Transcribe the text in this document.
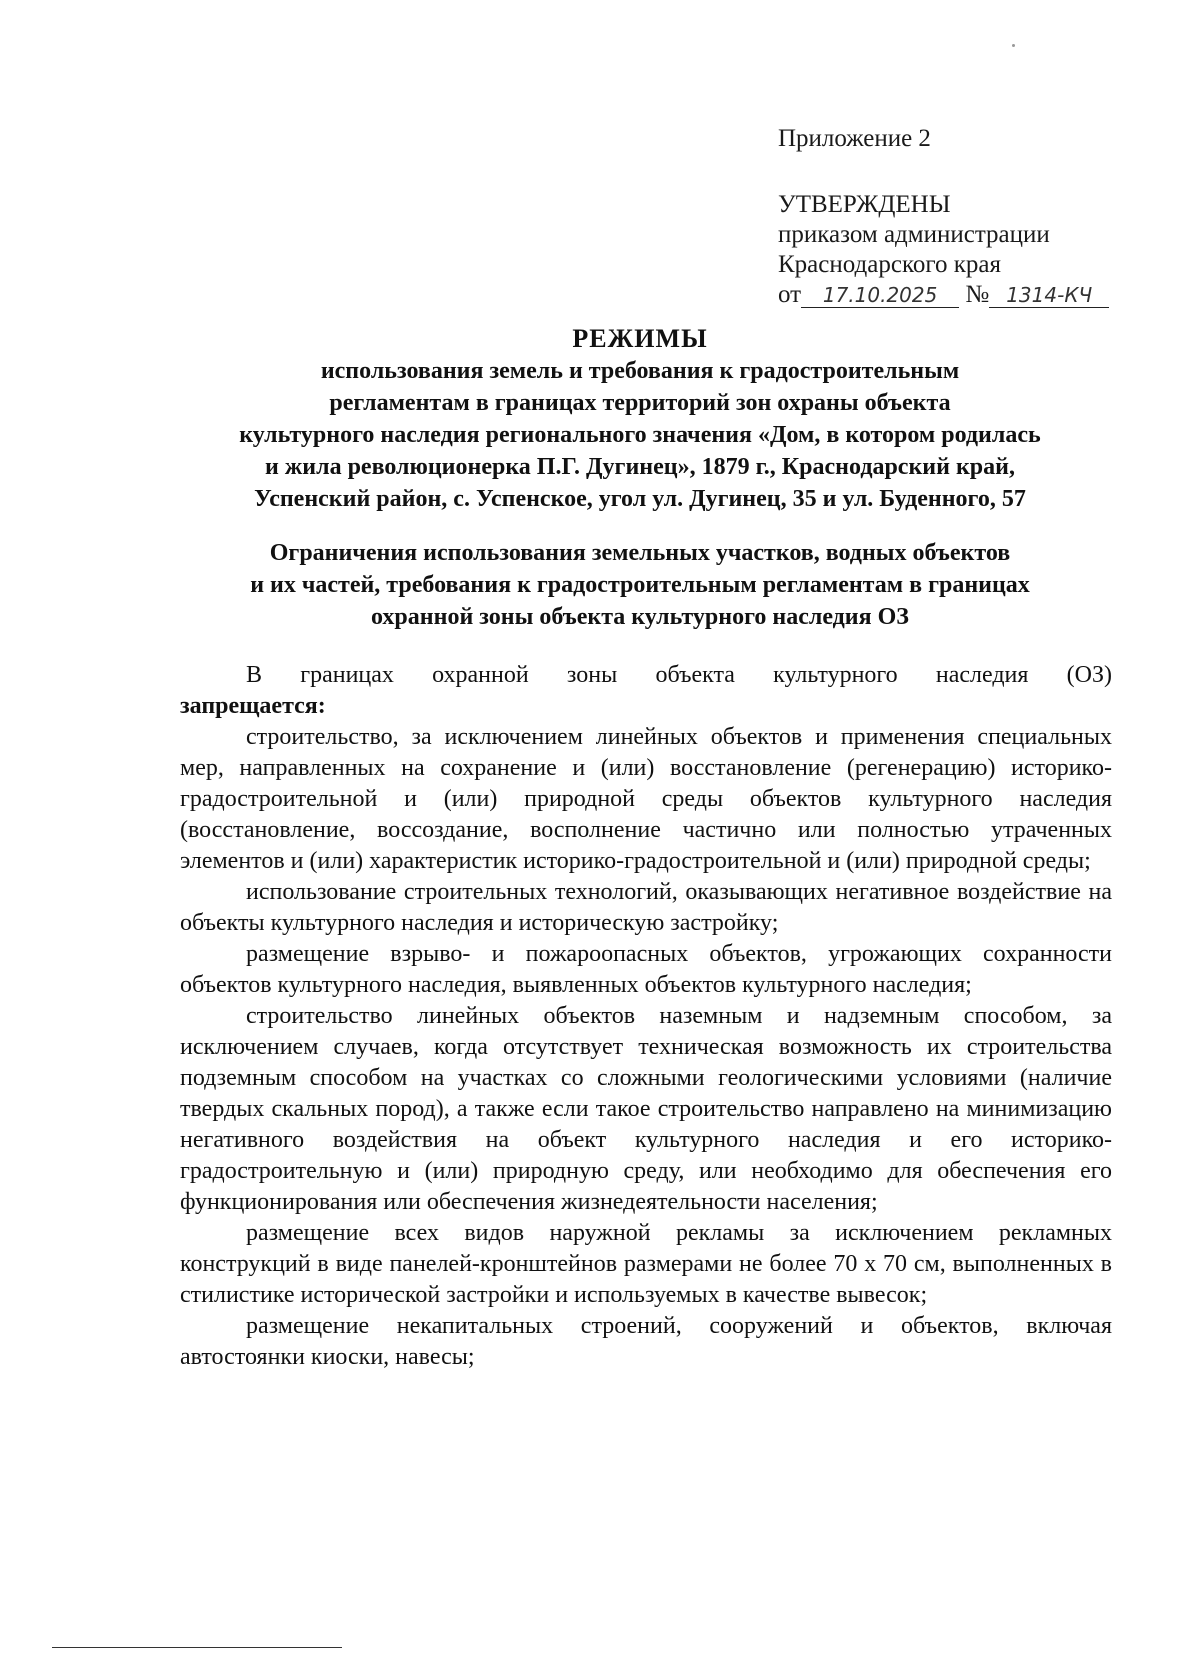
Приложение 2
УТВЕРЖДЕНЫ
приказом администрации
Краснодарского края
от 17.10.2025 № 1314-КЧ
РЕЖИМЫ
использования земель и требования к градостроительным
регламентам в границах территорий зон охраны объекта
культурного наследия регионального значения «Дом, в котором родилась
и жила революционерка П.Г. Дугинец», 1879 г., Краснодарский край,
Успенский район, с. Успенское, угол ул. Дугинец, 35 и ул. Буденного, 57
Ограничения использования земельных участков, водных объектов
и их частей, требования к градостроительным регламентам в границах
охранной зоны объекта культурного наследия ОЗ

В границах охранной зоны объекта культурного наследия (ОЗ)

запрещается:

строительство, за исключением линейных объектов и применения специальных мер, направленных на сохранение и (или) восстановление (регенерацию) историко-градостроительной и (или) природной среды объектов культурного наследия (восстановление, воссоздание, восполнение частично или полностью утраченных элементов и (или) характеристик историко-градостроительной и (или) природной среды;

использование строительных технологий, оказывающих негативное воздействие на объекты культурного наследия и историческую застройку;

размещение взрыво- и пожароопасных объектов, угрожающих сохранности объектов культурного наследия, выявленных объектов культурного наследия;

строительство линейных объектов наземным и надземным способом, за исключением случаев, когда отсутствует техническая возможность их строительства подземным способом на участках со сложными геологическими условиями (наличие твердых скальных пород), а также если такое строительство направлено на минимизацию негативного воздействия на объект культурного наследия и его историко-градостроительную и (или) природную среду, или необходимо для обеспечения его функционирования или обеспечения жизнедеятельности населения;

размещение всех видов наружной рекламы за исключением рекламных конструкций в виде панелей-кронштейнов размерами не более 70 х 70 см, выполненных в стилистике исторической застройки и используемых в качестве вывесок;

размещение некапитальных строений, сооружений и объектов, включая автостоянки киоски, навесы;
